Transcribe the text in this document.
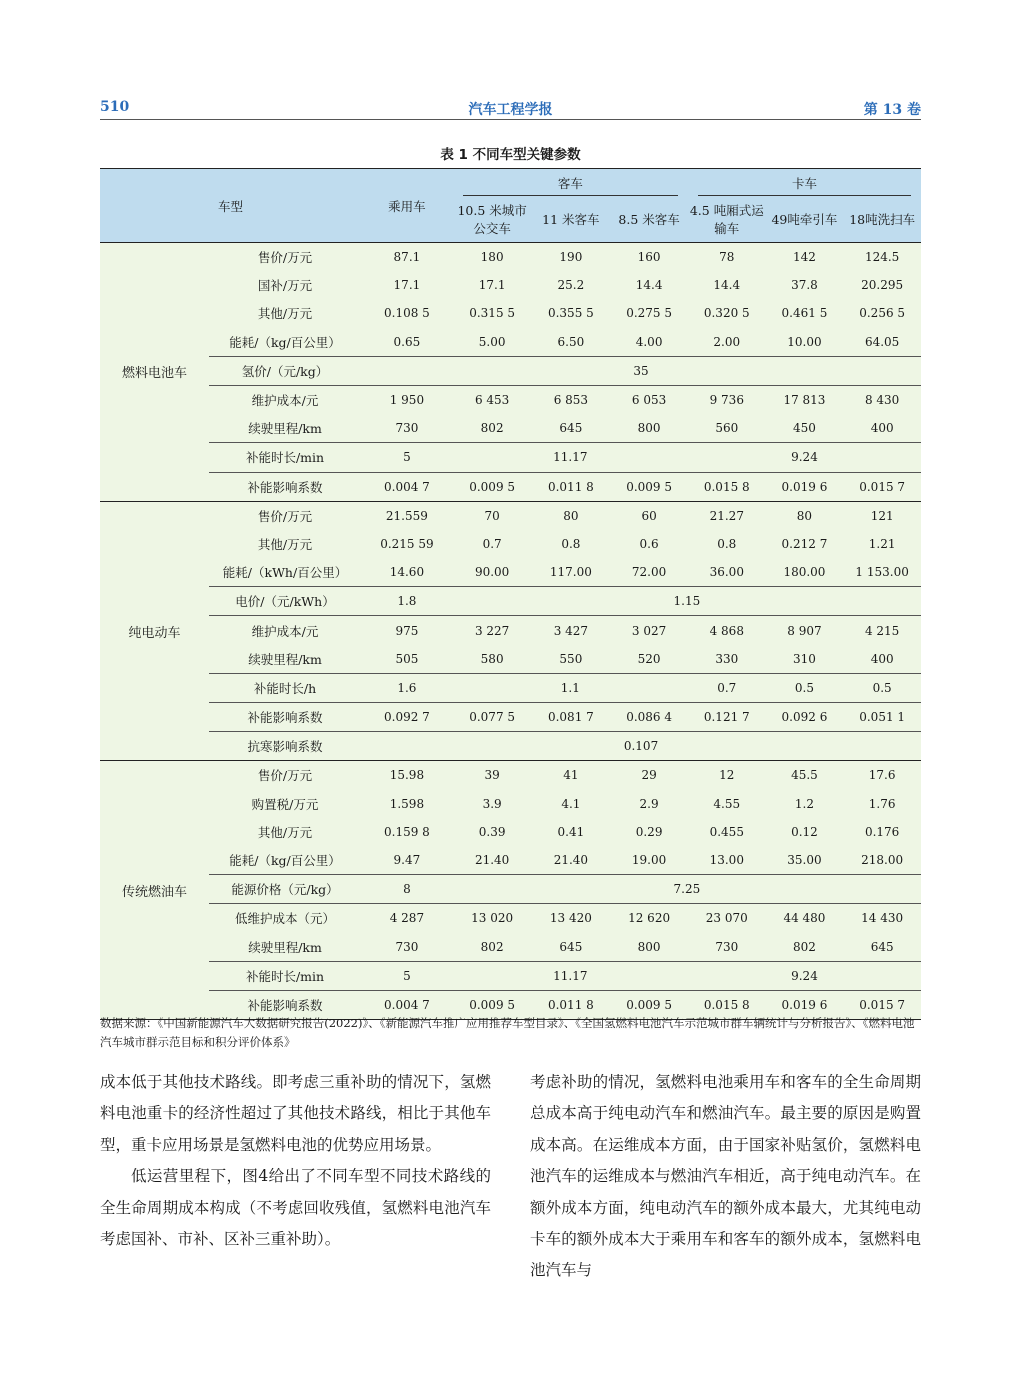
510	汽车工程学报	第 13 卷
表 1 不同车型关键参数
车型		乘用车	客车			卡车		
			10.5 米城市公交车	11 米客车	8.5 米客车	4.5 吨厢式运输车	49吨牵引车	18吨洗扫车
燃料电池车	售价/万元	87.1	180	190	160	78	142	124.5
	国补/万元	17.1	17.1	25.2	14.4	14.4	37.8	20.295
	其他/万元	0.108 5	0.315 5	0.355 5	0.275 5	0.320 5	0.461 5	0.256 5
	能耗/（kg/百公里）	0.65	5.00	6.50	4.00	2.00	10.00	64.05
	氢价/（元/kg）	35						
	维护成本/元	1 950	6 453	6 853	6 053	9 736	17 813	8 430
	续驶里程/km	730	802	645	800	560	450	400
	补能时长/min	5	11.17			9.24		
	补能影响系数	0.004 7	0.009 5	0.011 8	0.009 5	0.015 8	0.019 6	0.015 7
纯电动车	售价/万元	21.559	70	80	60	21.27	80	121
	其他/万元	0.215 59	0.7	0.8	0.6	0.8	0.212 7	1.21
	能耗/（kWh/百公里）	14.60	90.00	117.00	72.00	36.00	180.00	1 153.00
	电价/（元/kWh）	1.8	1.15					
	维护成本/元	975	3 227	3 427	3 027	4 868	8 907	4 215
	续驶里程/km	505	580	550	520	330	310	400
	补能时长/h	1.6	1.1			0.7	0.5	0.5
	补能影响系数	0.092 7	0.077 5	0.081 7	0.086 4	0.121 7	0.092 6	0.051 1
	抗寒影响系数	0.107						
传统燃油车	售价/万元	15.98	39	41	29	12	45.5	17.6
	购置税/万元	1.598	3.9	4.1	2.9	4.55	1.2	1.76
	其他/万元	0.159 8	0.39	0.41	0.29	0.455	0.12	0.176
	能耗/（kg/百公里）	9.47	21.40	21.40	19.00	13.00	35.00	218.00
	能源价格（元/kg）	8	7.25					
	低维护成本（元）	4 287	13 020	13 420	12 620	23 070	44 480	14 430
	续驶里程/km	730	802	645	800	730	802	645
	补能时长/min	5	11.17			9.24		
	补能影响系数	0.004 7	0.009 5	0.011 8	0.009 5	0.015 8	0.019 6	0.015 7
数据来源：《中国新能源汽车大数据研究报告(2022)》、《新能源汽车推广应用推荐车型目录》、《全国氢燃料电池汽车示范城市群车辆统计与分析报告》、《燃料电池汽车城市群示范目标和积分评价体系》

成本低于其他技术路线。即考虑三重补助的情况下，氢燃料电池重卡的经济性超过了其他技术路线，相比于其他车型，重卡应用场景是氢燃料电池的优势应用场景。

低运营里程下，图4给出了不同车型不同技术路线的全生命周期成本构成（不考虑回收残值，氢燃料电池汽车考虑国补、市补、区补三重补助）。

考虑补助的情况，氢燃料电池乘用车和客车的全生命周期总成本高于纯电动汽车和燃油汽车。最主要的原因是购置成本高。在运维成本方面，由于国家补贴氢价，氢燃料电池汽车的运维成本与燃油汽车相近，高于纯电动汽车。在额外成本方面，纯电动汽车的额外成本最大，尤其纯电动卡车的额外成本大于乘用车和客车的额外成本，氢燃料电池汽车与
